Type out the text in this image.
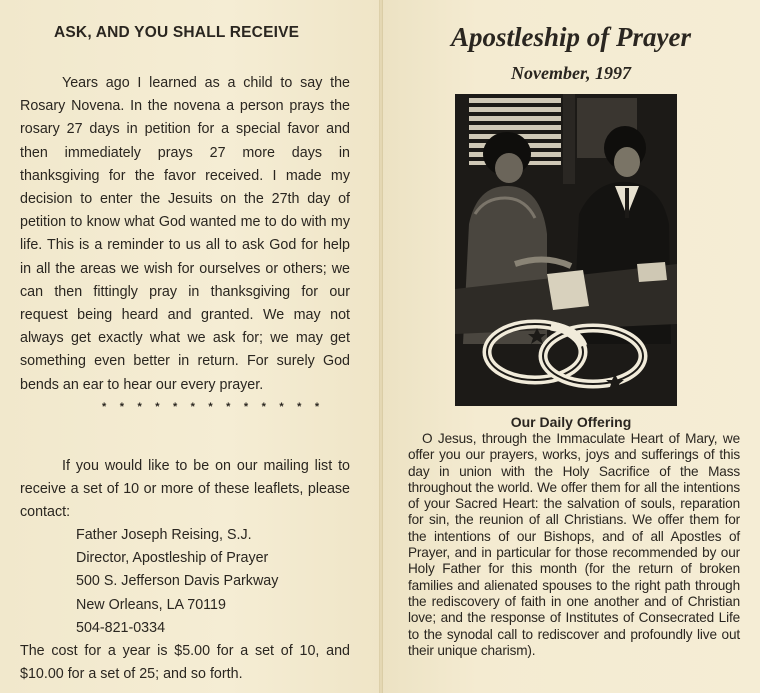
ASK, AND YOU SHALL RECEIVE
Years ago I learned as a child to say the Rosary Novena. In the novena a person prays the rosary 27 days in petition for a special favor and then immediately prays 27 more days in thanksgiving for the favor received. I made my decision to enter the Jesuits on the 27th day of petition to know what God wanted me to do with my life. This is a reminder to us all to ask God for help in all the areas we wish for ourselves or others; we can then fittingly pray in thanksgiving for our request being heard and granted. We may not always get exactly what we ask for; we may get something even better in return. For surely God bends an ear to hear our every prayer.
* * * * * * * * * * * * *
If you would like to be on our mailing list to receive a set of 10 or more of these leaflets, please contact:
Father Joseph Reising, S.J.
Director, Apostleship of Prayer
500 S. Jefferson Davis Parkway
New Orleans, LA 70119
504-821-0334
The cost for a year is $5.00 for a set of 10, and $10.00 for a set of 25; and so forth.
Apostleship of Prayer
November, 1997
Our Daily Offering
O Jesus, through the Immaculate Heart of Mary, we offer you our prayers, works, joys and sufferings of this day in union with the Holy Sacrifice of the Mass throughout the world. We offer them for all the intentions of your Sacred Heart: the salvation of souls, reparation for sin, the reunion of all Christians. We offer them for the intentions of our Bishops, and of all Apostles of Prayer, and in particular for those recommended by our Holy Father for this month (for the return of broken families and alienated spouses to the right path through the rediscovery of faith in one another and of Christian love; and the response of Institutes of Consecrated Life to the synodal call to rediscover and profoundly live out their unique charism).
